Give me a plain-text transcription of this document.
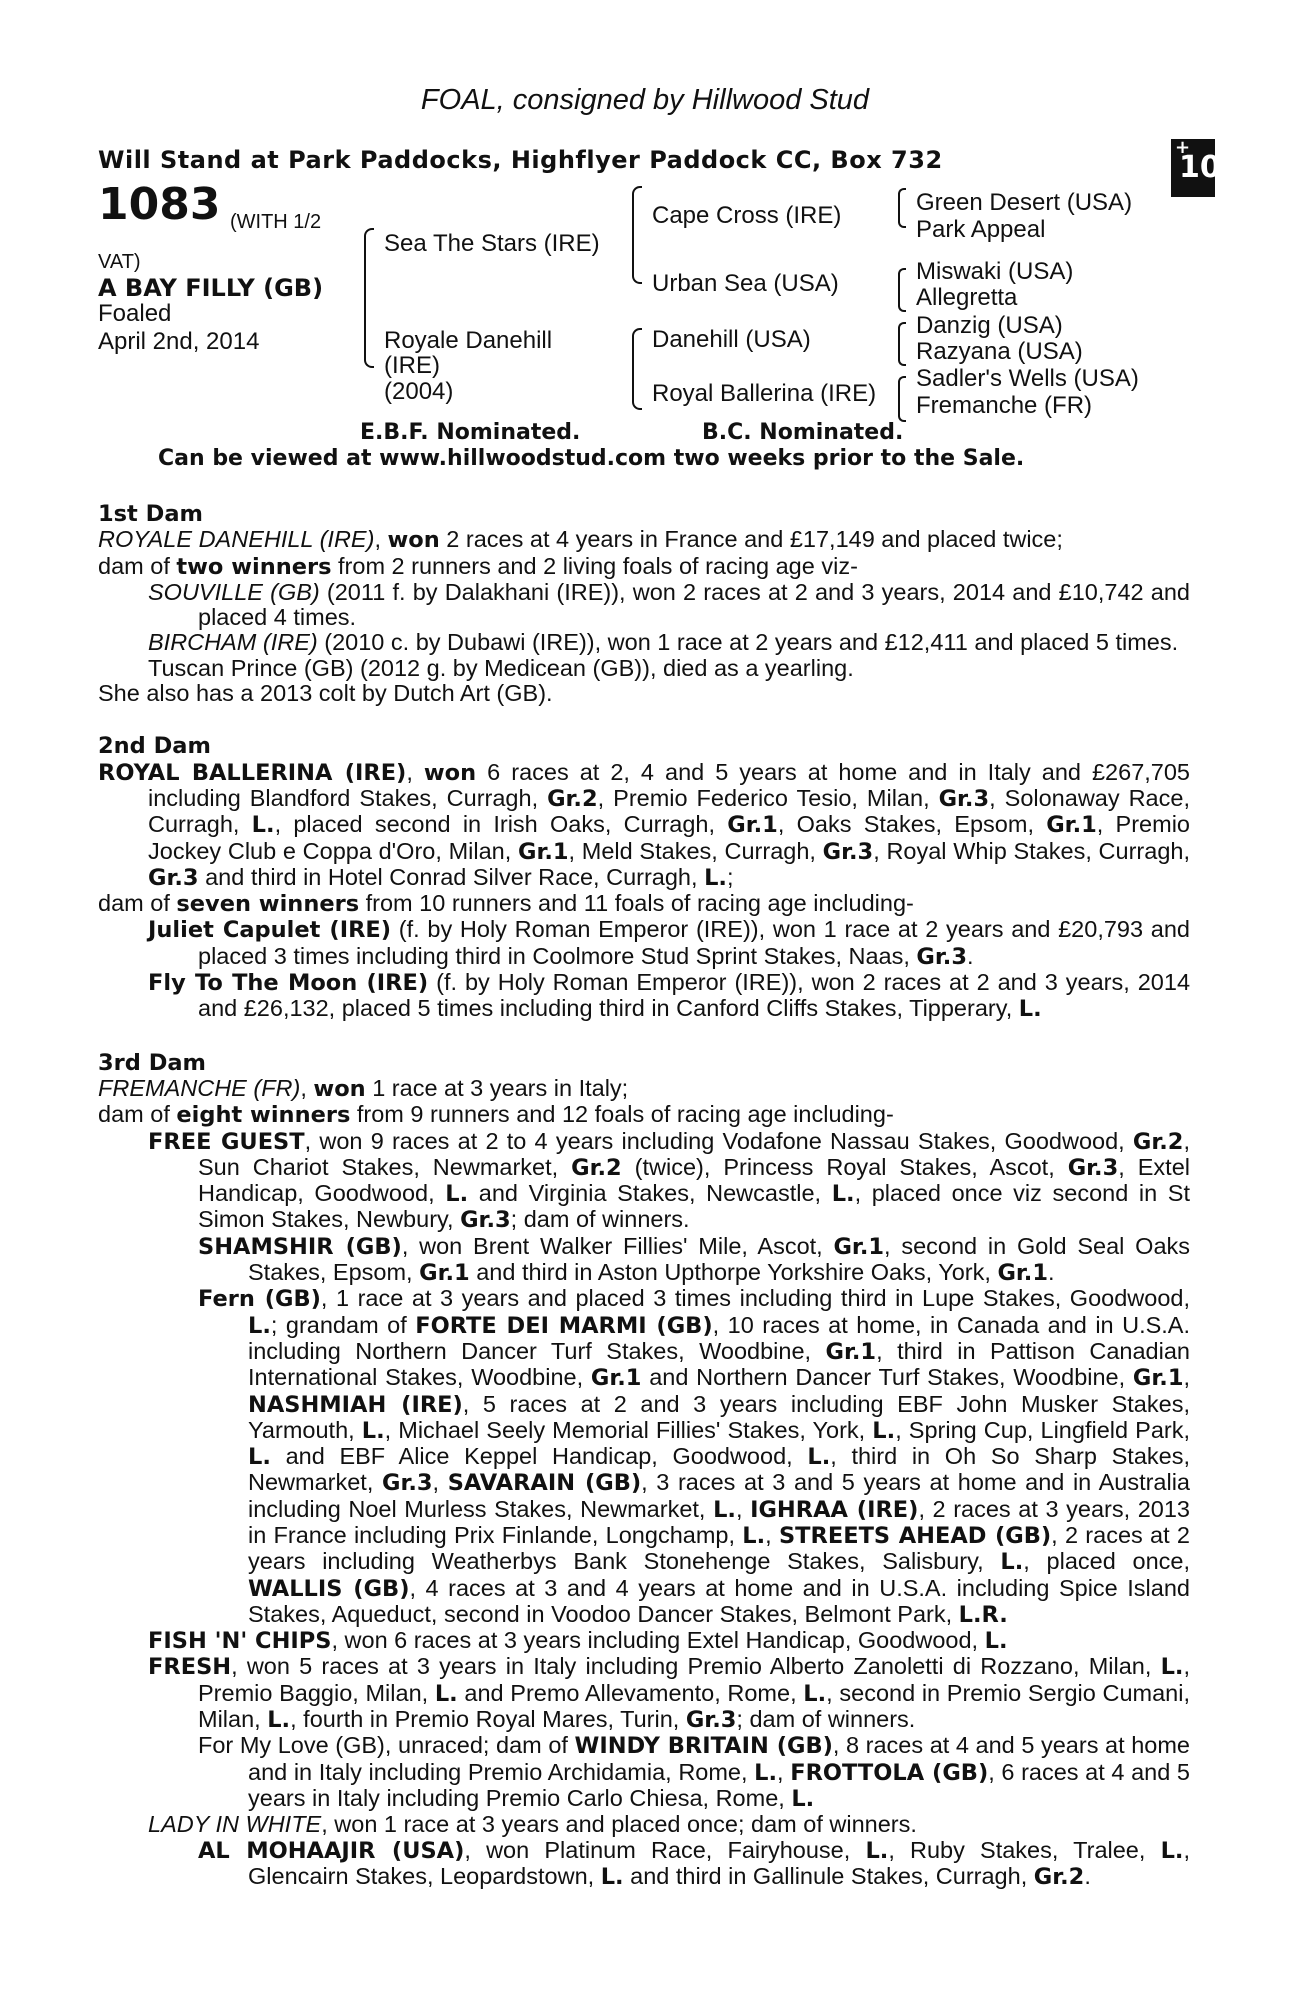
FOAL, consigned by Hillwood Stud
Will Stand at Park Paddocks, Highflyer Paddock CC, Box 732	+
10
1083 (WITH 1/2 VAT)
A BAY FILLY (GB)
Foaled
April 2nd, 2014
Sea The Stars (IRE)
Royale Danehill
(IRE)
(2004)
Cape Cross (IRE)
Urban Sea (USA)
Danehill (USA)
Royal Ballerina (IRE)
Green Desert (USA)
Park Appeal
Miswaki (USA)
Allegretta
Danzig (USA)
Razyana (USA)
Sadler's Wells (USA)
Fremanche (FR)
E.B.F. Nominated.	B.C. Nominated.
Can be viewed at www.hillwoodstud.com two weeks prior to the Sale.

1st Dam

ROYALE DANEHILL (IRE), won 2 races at 4 years in France and £17,149 and placed twice;

dam of two winners from 2 runners and 2 living foals of racing age viz-

SOUVILLE (GB) (2011 f. by Dalakhani (IRE)), won 2 races at 2 and 3 years, 2014 and £10,742 and placed 4 times.

BIRCHAM (IRE) (2010 c. by Dubawi (IRE)), won 1 race at 2 years and £12,411 and placed 5 times.

Tuscan Prince (GB) (2012 g. by Medicean (GB)), died as a yearling.

She also has a 2013 colt by Dutch Art (GB).

2nd Dam

ROYAL BALLERINA (IRE), won 6 races at 2, 4 and 5 years at home and in Italy and £267,705 including Blandford Stakes, Curragh, Gr.2, Premio Federico Tesio, Milan, Gr.3, Solonaway Race, Curragh, L., placed second in Irish Oaks, Curragh, Gr.1, Oaks Stakes, Epsom, Gr.1, Premio Jockey Club e Coppa d'Oro, Milan, Gr.1, Meld Stakes, Curragh, Gr.3, Royal Whip Stakes, Curragh, Gr.3 and third in Hotel Conrad Silver Race, Curragh, L.;

dam of seven winners from 10 runners and 11 foals of racing age including-

Juliet Capulet (IRE) (f. by Holy Roman Emperor (IRE)), won 1 race at 2 years and £20,793 and placed 3 times including third in Coolmore Stud Sprint Stakes, Naas, Gr.3.

Fly To The Moon (IRE) (f. by Holy Roman Emperor (IRE)), won 2 races at 2 and 3 years, 2014 and £26,132, placed 5 times including third in Canford Cliffs Stakes, Tipperary, L.

3rd Dam

FREMANCHE (FR), won 1 race at 3 years in Italy;

dam of eight winners from 9 runners and 12 foals of racing age including-

FREE GUEST, won 9 races at 2 to 4 years including Vodafone Nassau Stakes, Goodwood, Gr.2, Sun Chariot Stakes, Newmarket, Gr.2 (twice), Princess Royal Stakes, Ascot, Gr.3, Extel Handicap, Goodwood, L. and Virginia Stakes, Newcastle, L., placed once viz second in St Simon Stakes, Newbury, Gr.3; dam of winners.

SHAMSHIR (GB), won Brent Walker Fillies' Mile, Ascot, Gr.1, second in Gold Seal Oaks Stakes, Epsom, Gr.1 and third in Aston Upthorpe Yorkshire Oaks, York, Gr.1.

Fern (GB), 1 race at 3 years and placed 3 times including third in Lupe Stakes, Goodwood, L.; grandam of FORTE DEI MARMI (GB), 10 races at home, in Canada and in U.S.A. including Northern Dancer Turf Stakes, Woodbine, Gr.1, third in Pattison Canadian International Stakes, Woodbine, Gr.1 and Northern Dancer Turf Stakes, Woodbine, Gr.1, NASHMIAH (IRE), 5 races at 2 and 3 years including EBF John Musker Stakes, Yarmouth, L., Michael Seely Memorial Fillies' Stakes, York, L., Spring Cup, Lingfield Park, L. and EBF Alice Keppel Handicap, Goodwood, L., third in Oh So Sharp Stakes, Newmarket, Gr.3, SAVARAIN (GB), 3 races at 3 and 5 years at home and in Australia including Noel Murless Stakes, Newmarket, L., IGHRAA (IRE), 2 races at 3 years, 2013 in France including Prix Finlande, Longchamp, L., STREETS AHEAD (GB), 2 races at 2 years including Weatherbys Bank Stonehenge Stakes, Salisbury, L., placed once, WALLIS (GB), 4 races at 3 and 4 years at home and in U.S.A. including Spice Island Stakes, Aqueduct, second in Voodoo Dancer Stakes, Belmont Park, L.R.

FISH 'N' CHIPS, won 6 races at 3 years including Extel Handicap, Goodwood, L.

FRESH, won 5 races at 3 years in Italy including Premio Alberto Zanoletti di Rozzano, Milan, L., Premio Baggio, Milan, L. and Premo Allevamento, Rome, L., second in Premio Sergio Cumani, Milan, L., fourth in Premio Royal Mares, Turin, Gr.3; dam of winners.

For My Love (GB), unraced; dam of WINDY BRITAIN (GB), 8 races at 4 and 5 years at home and in Italy including Premio Archidamia, Rome, L., FROTTOLA (GB), 6 races at 4 and 5 years in Italy including Premio Carlo Chiesa, Rome, L.

LADY IN WHITE, won 1 race at 3 years and placed once; dam of winners.

AL MOHAAJIR (USA), won Platinum Race, Fairyhouse, L., Ruby Stakes, Tralee, L., Glencairn Stakes, Leopardstown, L. and third in Gallinule Stakes, Curragh, Gr.2.
